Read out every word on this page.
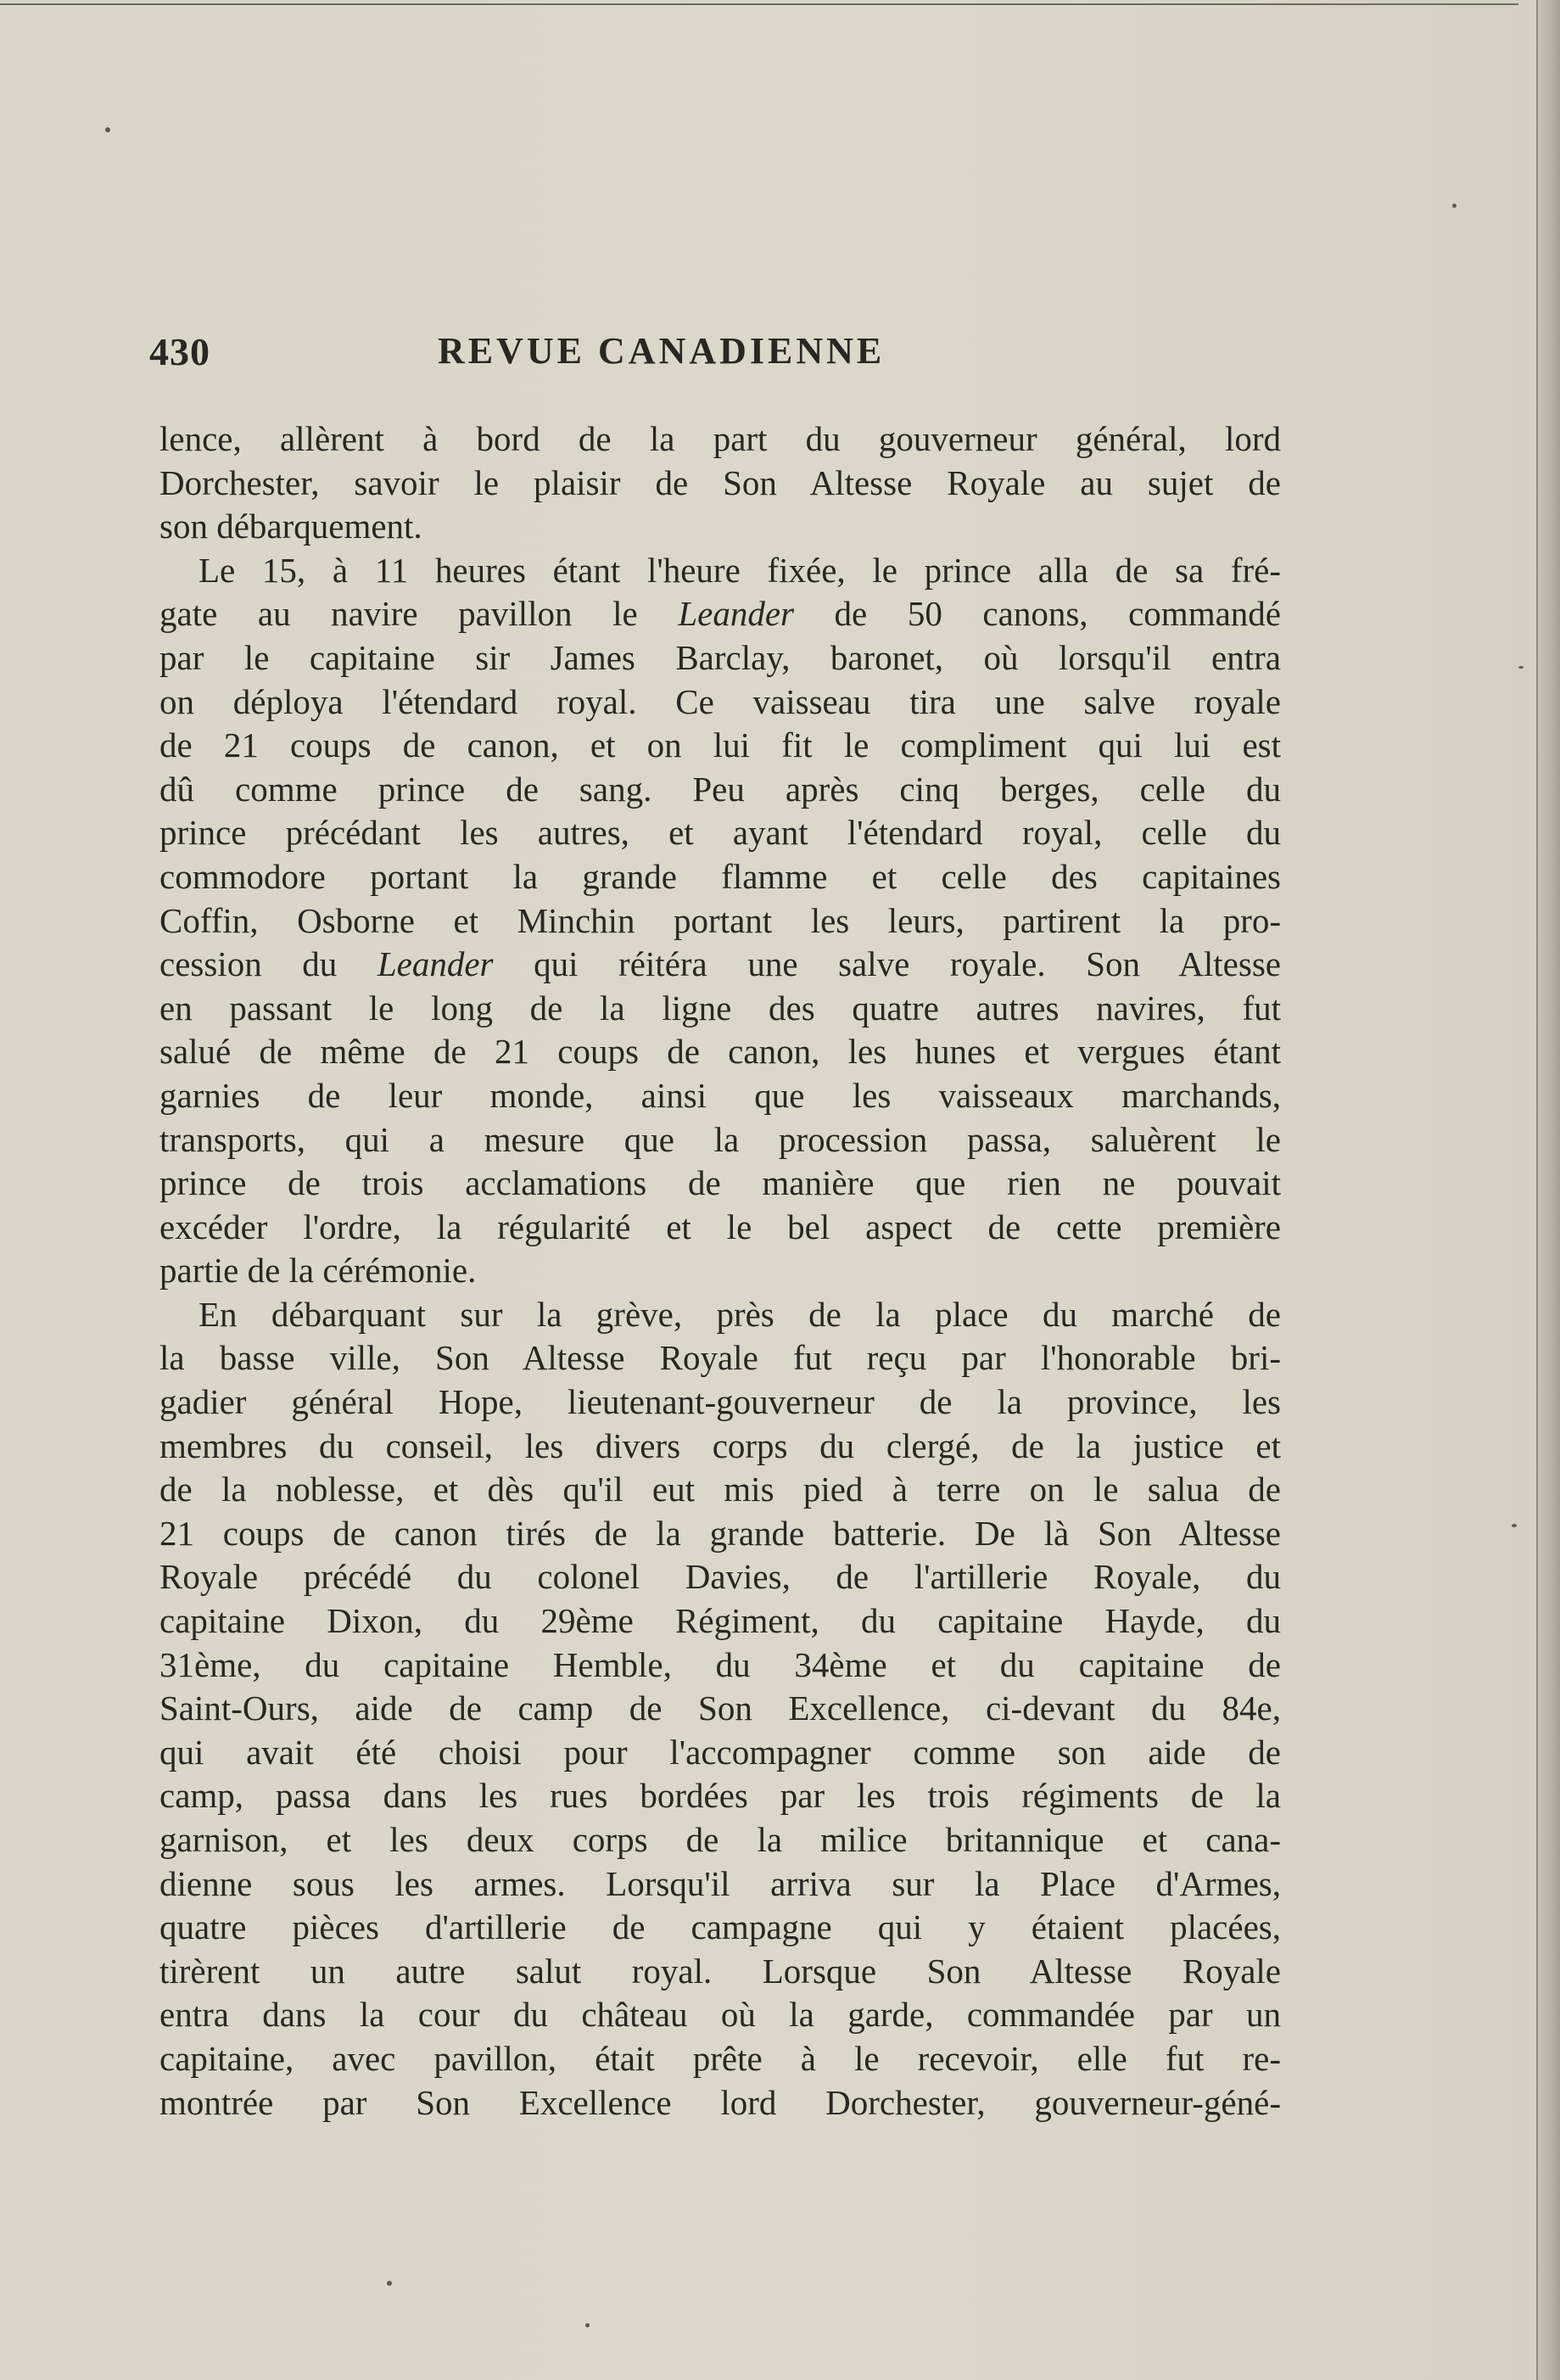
430	REVUE CANADIENNE
lence, allèrent à bord de la part du gouverneur général, lord
Dorchester, savoir le plaisir de Son Altesse Royale au sujet de
son débarquement.
Le 15, à 11 heures étant l'heure fixée, le prince alla de sa fré-
gate au navire pavillon le Leander de 50 canons, commandé
par le capitaine sir James Barclay, baronet, où lorsqu'il entra
on déploya l'étendard royal. Ce vaisseau tira une salve royale
de 21 coups de canon, et on lui fit le compliment qui lui est
dû comme prince de sang. Peu après cinq berges, celle du
prince précédant les autres, et ayant l'étendard royal, celle du
commodore portant la grande flamme et celle des capitaines
Coffin, Osborne et Minchin portant les leurs, partirent la pro-
cession du Leander qui réitéra une salve royale. Son Altesse
en passant le long de la ligne des quatre autres navires, fut
salué de même de 21 coups de canon, les hunes et vergues étant
garnies de leur monde, ainsi que les vaisseaux marchands,
transports, qui a mesure que la procession passa, saluèrent le
prince de trois acclamations de manière que rien ne pouvait
excéder l'ordre, la régularité et le bel aspect de cette première
partie de la cérémonie.
En débarquant sur la grève, près de la place du marché de
la basse ville, Son Altesse Royale fut reçu par l'honorable bri-
gadier général Hope, lieutenant-gouverneur de la province, les
membres du conseil, les divers corps du clergé, de la justice et
de la noblesse, et dès qu'il eut mis pied à terre on le salua de
21 coups de canon tirés de la grande batterie. De là Son Altesse
Royale précédé du colonel Davies, de l'artillerie Royale, du
capitaine Dixon, du 29ème Régiment, du capitaine Hayde, du
31ème, du capitaine Hemble, du 34ème et du capitaine de
Saint-Ours, aide de camp de Son Excellence, ci-devant du 84e,
qui avait été choisi pour l'accompagner comme son aide de
camp, passa dans les rues bordées par les trois régiments de la
garnison, et les deux corps de la milice britannique et cana-
dienne sous les armes. Lorsqu'il arriva sur la Place d'Armes,
quatre pièces d'artillerie de campagne qui y étaient placées,
tirèrent un autre salut royal. Lorsque Son Altesse Royale
entra dans la cour du château où la garde, commandée par un
capitaine, avec pavillon, était prête à le recevoir, elle fut re-
montrée par Son Excellence lord Dorchester, gouverneur-géné-
